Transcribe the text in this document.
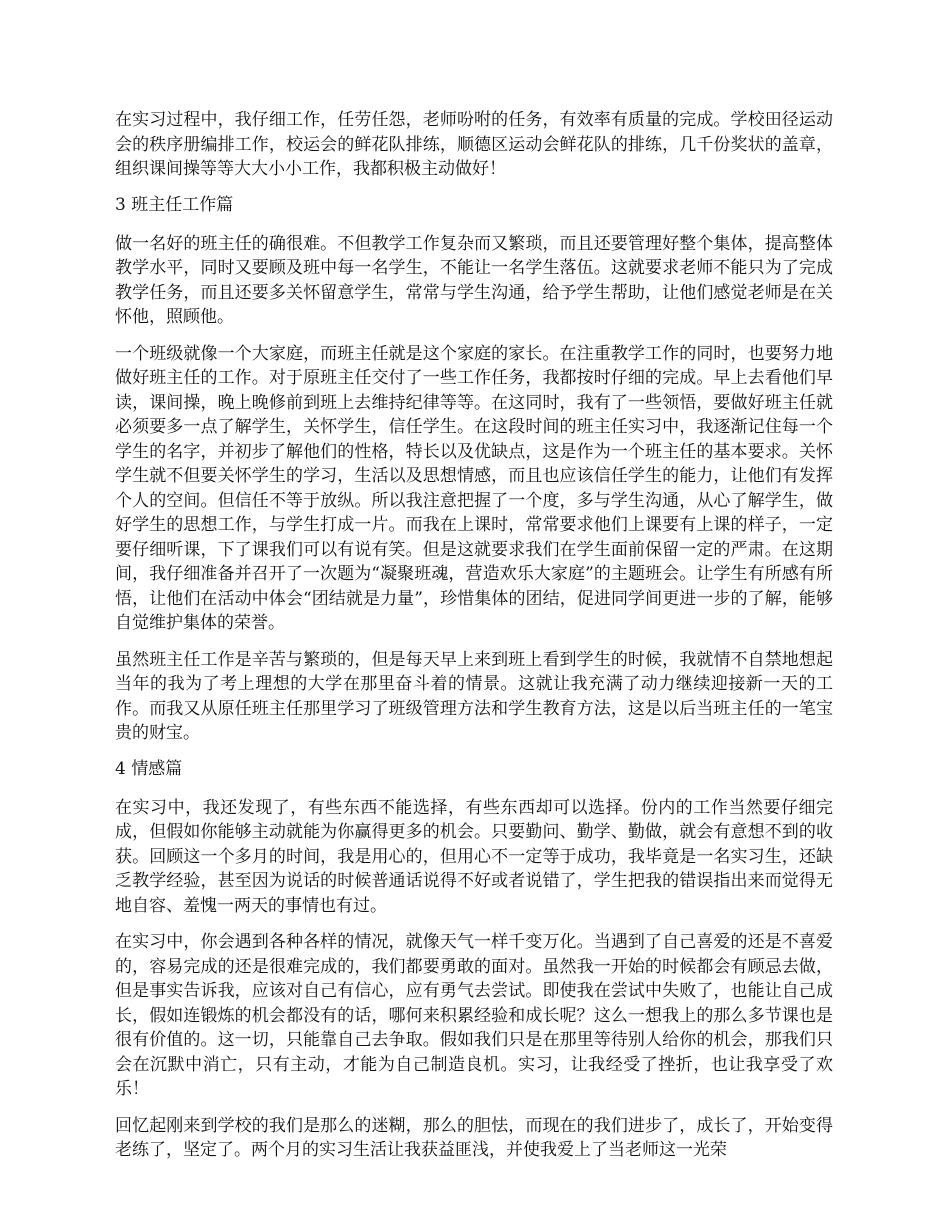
在实习过程中，我仔细工作，任劳任怨，老师吩咐的任务，有效率有质量的完成。学校田径运动会的秩序册编排工作，校运会的鲜花队排练，顺德区运动会鲜花队的排练，几千份奖状的盖章，组织课间操等等大大小小工作，我都积极主动做好！

3 班主任工作篇

做一名好的班主任的确很难。不但教学工作复杂而又繁琐，而且还要管理好整个集体，提高整体教学水平，同时又要顾及班中每一名学生，不能让一名学生落伍。这就要求老师不能只为了完成教学任务，而且还要多关怀留意学生，常常与学生沟通，给予学生帮助，让他们感觉老师是在关怀他，照顾他。

一个班级就像一个大家庭，而班主任就是这个家庭的家长。在注重教学工作的同时，也要努力地做好班主任的工作。对于原班主任交付了一些工作任务，我都按时仔细的完成。早上去看他们早读，课间操，晚上晚修前到班上去维持纪律等等。在这同时，我有了一些领悟，要做好班主任就必须要多一点了解学生，关怀学生，信任学生。在这段时间的班主任实习中，我逐渐记住每一个学生的名字，并初步了解他们的性格，特长以及优缺点，这是作为一个班主任的基本要求。关怀学生就不但要关怀学生的学习，生活以及思想情感，而且也应该信任学生的能力，让他们有发挥个人的空间。但信任不等于放纵。所以我注意把握了一个度，多与学生沟通，从心了解学生，做好学生的思想工作，与学生打成一片。而我在上课时，常常要求他们上课要有上课的样子，一定要仔细听课，下了课我们可以有说有笑。但是这就要求我们在学生面前保留一定的严肃。在这期间，我仔细准备并召开了一次题为“凝聚班魂，营造欢乐大家庭”的主题班会。让学生有所感有所悟，让他们在活动中体会“团结就是力量”，珍惜集体的团结，促进同学间更进一步的了解，能够自觉维护集体的荣誉。

虽然班主任工作是辛苦与繁琐的，但是每天早上来到班上看到学生的时候，我就情不自禁地想起当年的我为了考上理想的大学在那里奋斗着的情景。这就让我充满了动力继续迎接新一天的工作。而我又从原任班主任那里学习了班级管理方法和学生教育方法，这是以后当班主任的一笔宝贵的财宝。

4 情感篇

在实习中，我还发现了，有些东西不能选择，有些东西却可以选择。份内的工作当然要仔细完成，但假如你能够主动就能为你赢得更多的机会。只要勤问、勤学、勤做，就会有意想不到的收获。回顾这一个多月的时间，我是用心的，但用心不一定等于成功，我毕竟是一名实习生，还缺乏教学经验，甚至因为说话的时候普通话说得不好或者说错了，学生把我的错误指出来而觉得无地自容、羞愧一两天的事情也有过。

在实习中，你会遇到各种各样的情况，就像天气一样千变万化。当遇到了自己喜爱的还是不喜爱的，容易完成的还是很难完成的，我们都要勇敢的面对。虽然我一开始的时候都会有顾忌去做，但是事实告诉我，应该对自己有信心，应有勇气去尝试。即使我在尝试中失败了，也能让自己成长，假如连锻炼的机会都没有的话，哪何来积累经验和成长呢？这么一想我上的那么多节课也是很有价值的。这一切，只能靠自己去争取。假如我们只是在那里等待别人给你的机会，那我们只会在沉默中消亡，只有主动，才能为自己制造良机。实习，让我经受了挫折，也让我享受了欢乐！

回忆起刚来到学校的我们是那么的迷糊，那么的胆怯，而现在的我们进步了，成长了，开始变得老练了，坚定了。两个月的实习生活让我获益匪浅，并使我爱上了当老师这一光荣
